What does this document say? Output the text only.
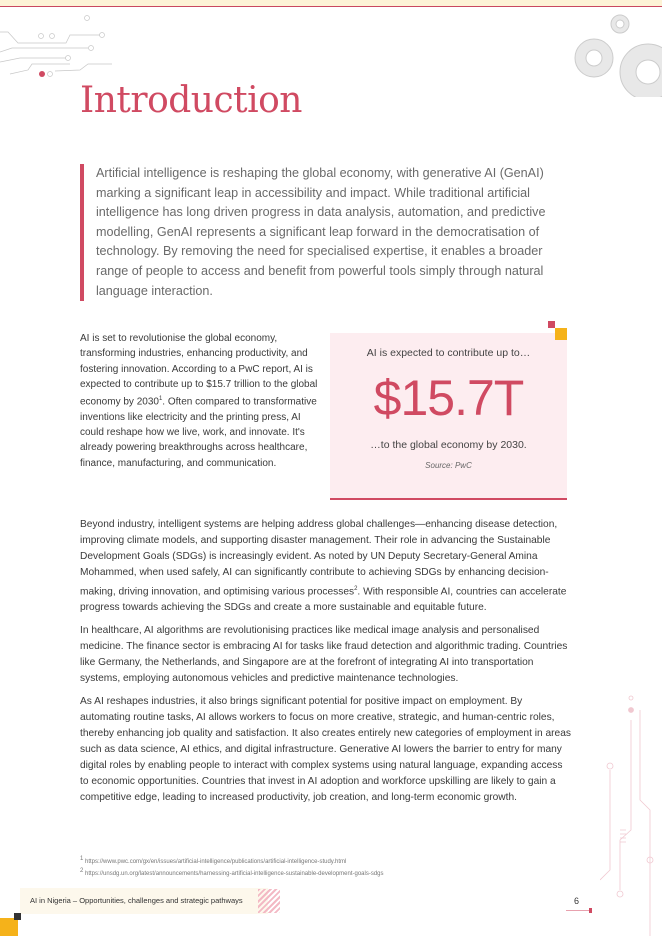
Introduction
Artificial intelligence is reshaping the global economy, with generative AI (GenAI) marking a significant leap in accessibility and impact. While traditional artificial intelligence has long driven progress in data analysis, automation, and predictive modelling, GenAI represents a significant leap forward in the democratisation of technology. By removing the need for specialised expertise, it enables a broader range of people to access and benefit from powerful tools simply through natural language interaction.
AI is set to revolutionise the global economy, transforming industries, enhancing productivity, and fostering innovation. According to a PwC report, AI is expected to contribute up to $15.7 trillion to the global economy by 2030$^1$. Often compared to transformative inventions like electricity and the printing press, AI could reshape how we live, work, and innovate. It's already powering breakthroughs across healthcare, finance, manufacturing, and communication.
AI is expected to contribute up to…
$15.7T
…to the global economy by 2030.
Source: PwC

Beyond industry, intelligent systems are helping address global challenges—enhancing disease detection, improving climate models, and supporting disaster management. Their role in advancing the Sustainable Development Goals (SDGs) is increasingly evident. As noted by UN Deputy Secretary-General Amina Mohammed, when used safely, AI can significantly contribute to achieving SDGs by enhancing decision-making, driving innovation, and optimising various processes$^2$. With responsible AI, countries can accelerate progress towards achieving the SDGs and create a more sustainable and equitable future.

In healthcare, AI algorithms are revolutionising practices like medical image analysis and personalised medicine. The finance sector is embracing AI for tasks like fraud detection and algorithmic trading. Countries like Germany, the Netherlands, and Singapore are at the forefront of integrating AI into transportation systems, employing autonomous vehicles and predictive maintenance technologies.

As AI reshapes industries, it also brings significant potential for positive impact on employment. By automating routine tasks, AI allows workers to focus on more creative, strategic, and human-centric roles, thereby enhancing job quality and satisfaction. It also creates entirely new categories of employment in areas such as data science, AI ethics, and digital infrastructure. Generative AI lowers the barrier to entry for many digital roles by enabling people to interact with complex systems using natural language, expanding access to economic opportunities. Countries that invest in AI adoption and workforce upskilling are likely to gain a competitive edge, leading to increased productivity, job creation, and long-term economic growth.

$^1$ https://www.pwc.com/gx/en/issues/artificial-intelligence/publications/artificial-intelligence-study.html
$^2$ https://unsdg.un.org/latest/announcements/harnessing-artificial-intelligence-sustainable-development-goals-sdgs
AI in Nigeria – Opportunities, challenges and strategic pathways	6
